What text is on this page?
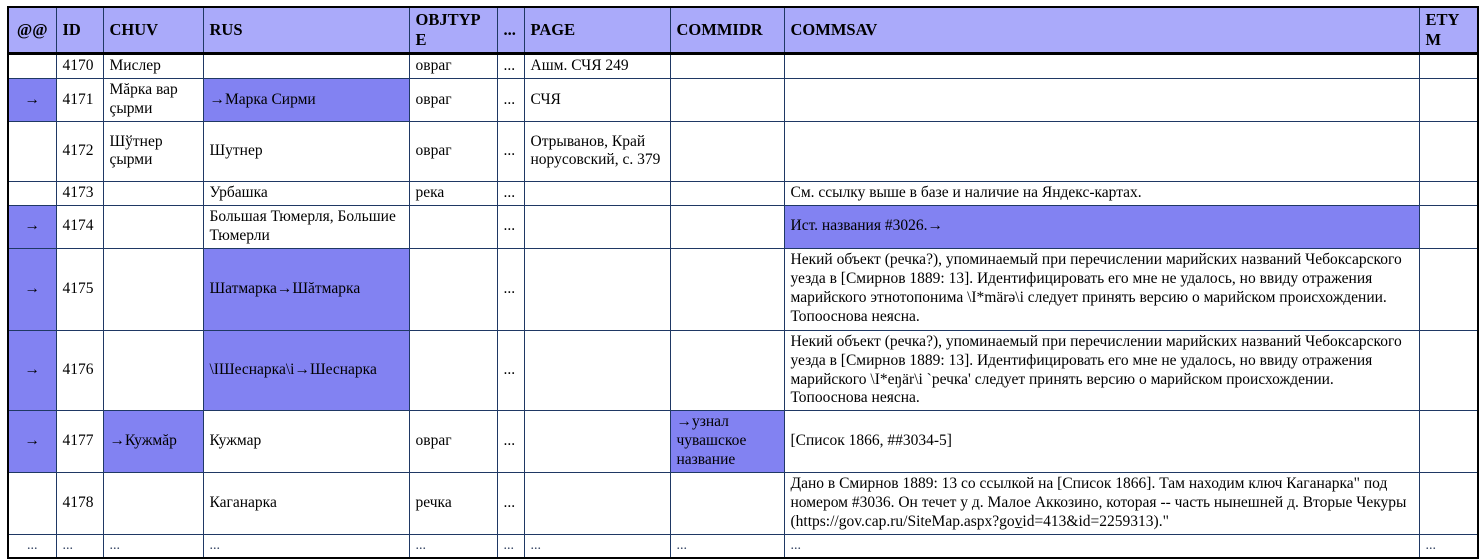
@@	ID	CHUV	RUS	OBJTYPE	...	PAGE	COMMIDR	COMMSAV	ETYM
	4170	Мислер		овраг	...	Ашм. СЧЯ 249			
→	4171	Мăрка вар çырми	→Марка Сирми	овраг	...	СЧЯ			
	4172	Шўтнер çырми	Шутнер	овраг	...	Отрыванов, Край норусовский, с. 379			
	4173		Урбашка	река	...			См. ссылку выше в базе и наличие на Яндекс-картах.	
→	4174		Большая Тюмерля, Большие Тюмерли		...			Ист. названия #3026.→	
→	4175		Шатмарка→Шăтмарка		...			Некий объект (речка?), упоминаемый при перечислении марийских названий Чебоксарского уезда в [Смирнов 1889: 13]. Идентифицировать его мне не удалось, но ввиду отражения марийского этнотопонима \I*märə\i следует принять версию о марийском происхождении. Топооснова неясна.	
→	4176		\IШеснарка\i→Шеснарка		...			Некий объект (речка?), упоминаемый при перечислении марийских названий Чебоксарского уезда в [Смирнов 1889: 13]. Идентифицировать его мне не удалось, но ввиду отражения марийского \I*eŋär\i `речка' следует принять версию о марийском происхождении. Топооснова неясна.	
→	4177	→Кужмăр	Кужмар	овраг	...		→узнал чувашское название	[Список 1866, ##3034-5]	
	4178		Каганарка	речка	...			Дано в Смирнов 1889: 13 со ссылкой на [Список 1866]. Там находим ключ Каганарка" под номером #3036. Он течет у д. Малое Аккозино, которая -- часть нынешней д. Вторые Чекуры (https://gov.cap.ru/SiteMap.aspx?gov̲id=413&id=2259313)."	
...	...	...	...	...	...	...	...	...	...
